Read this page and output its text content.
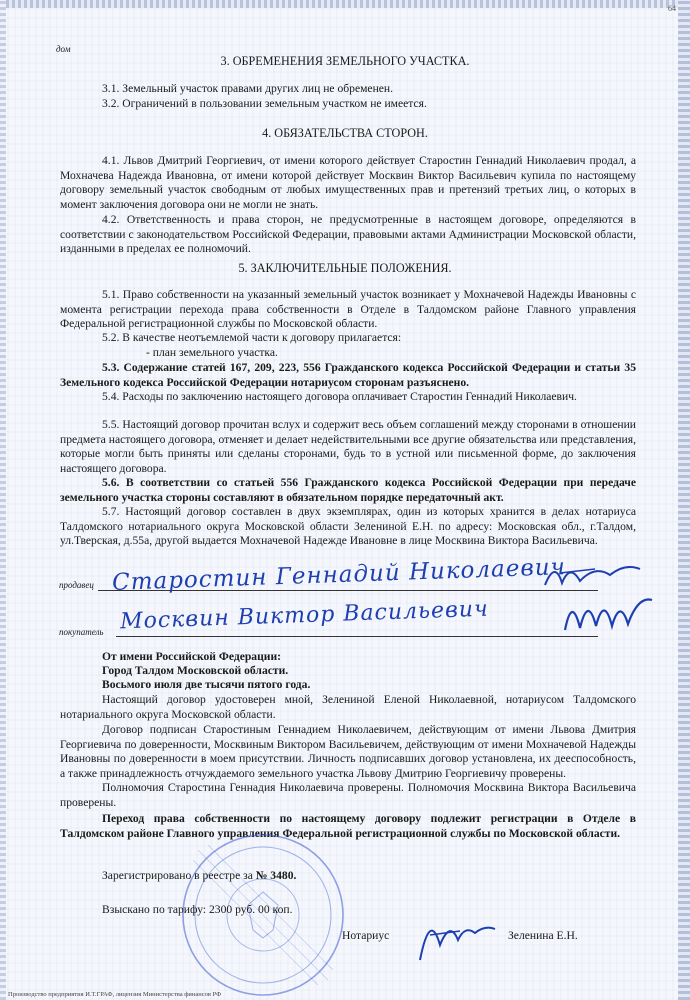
64
дом
3. ОБРЕМЕНЕНИЯ ЗЕМЕЛЬНОГО УЧАСТКА.
3.1. Земельный участок правами других лиц не обременен.
3.2. Ограничений в пользовании земельным участком не имеется.
4. ОБЯЗАТЕЛЬСТВА СТОРОН.
4.1. Львов Дмитрий Георгиевич, от имени которого действует Старостин Геннадий Николаевич продал, а Мохначева Надежда Ивановна, от имени которой действует Москвин Виктор Васильевич купила по настоящему договору земельный участок свободным от любых имущественных прав и претензий третьих лиц, о которых в момент заключения договора они не могли не знать.
4.2. Ответственность и права сторон, не предусмотренные в настоящем договоре, определяются в соответствии с законодательством Российской Федерации, правовыми актами Администрации Московской области, изданными в пределах ее полномочий.
5. ЗАКЛЮЧИТЕЛЬНЫЕ ПОЛОЖЕНИЯ.
5.1. Право собственности на указанный земельный участок возникает у Мохначевой Надежды Ивановны с момента регистрации перехода права собственности в Отделе в Талдомском районе Главного управления Федеральной регистрационной службы по Московской области.
5.2. В качестве неотъемлемой части к договору прилагается:
- план земельного участка.
5.3. Содержание статей 167, 209, 223, 556 Гражданского кодекса Российской Федерации и статьи 35 Земельного кодекса Российской Федерации нотариусом сторонам разъяснено.
5.4. Расходы по заключению настоящего договора оплачивает Старостин Геннадий Николаевич.
5.5. Настоящий договор прочитан вслух и содержит весь объем соглашений между сторонами в отношении предмета настоящего договора, отменяет и делает недействительными все другие обязательства или представления, которые могли быть приняты или сделаны сторонами, будь то в устной или письменной форме, до заключения настоящего договора.
5.6. В соответствии со статьей 556 Гражданского кодекса Российской Федерации при передаче земельного участка стороны составляют в обязательном порядке передаточный акт.
5.7. Настоящий договор составлен в двух экземплярах, один из которых хранится в делах нотариуса Талдомского нотариального округа Московской области Зелениной Е.Н. по адресу: Московская обл., г.Талдом, ул.Тверская, д.55а, другой выдается Мохначевой Надежде Ивановне в лице Москвина Виктора Васильевича.
продавец Старостин Геннадий Николаевич
покупатель Москвин Виктор Васильевич
От имени Российской Федерации:
Город Талдом Московской области.
Восьмого июля две тысячи пятого года.
Настоящий договор удостоверен мной, Зелениной Еленой Николаевной, нотариусом Талдомского нотариального округа Московской области.
Договор подписан Старостиным Геннадием Николаевичем, действующим от имени Львова Дмитрия Георгиевича по доверенности, Москвиным Виктором Васильевичем, действующим от имени Мохначевой Надежды Ивановны по доверенности в моем присутствии. Личность подписавших договор установлена, их дееспособность, а также принадлежность отчуждаемого земельного участка Львову Дмитрию Георгиевичу проверены.
Полномочия Старостина Геннадия Николаевича проверены. Полномочия Москвина Виктора Васильевича проверены.
Переход права собственности по настоящему договору подлежит регистрации в Отделе в Талдомском районе Главного управления Федеральной регистрационной службы по Московской области.
Зарегистрировано в реестре за № 3480.
Взыскано по тарифу: 2300 руб. 00 коп.
Нотариус	Зеленина Е.Н.
Производство предприятия И.Т.ГРАФ, лицензия Министерства финансов РФ
